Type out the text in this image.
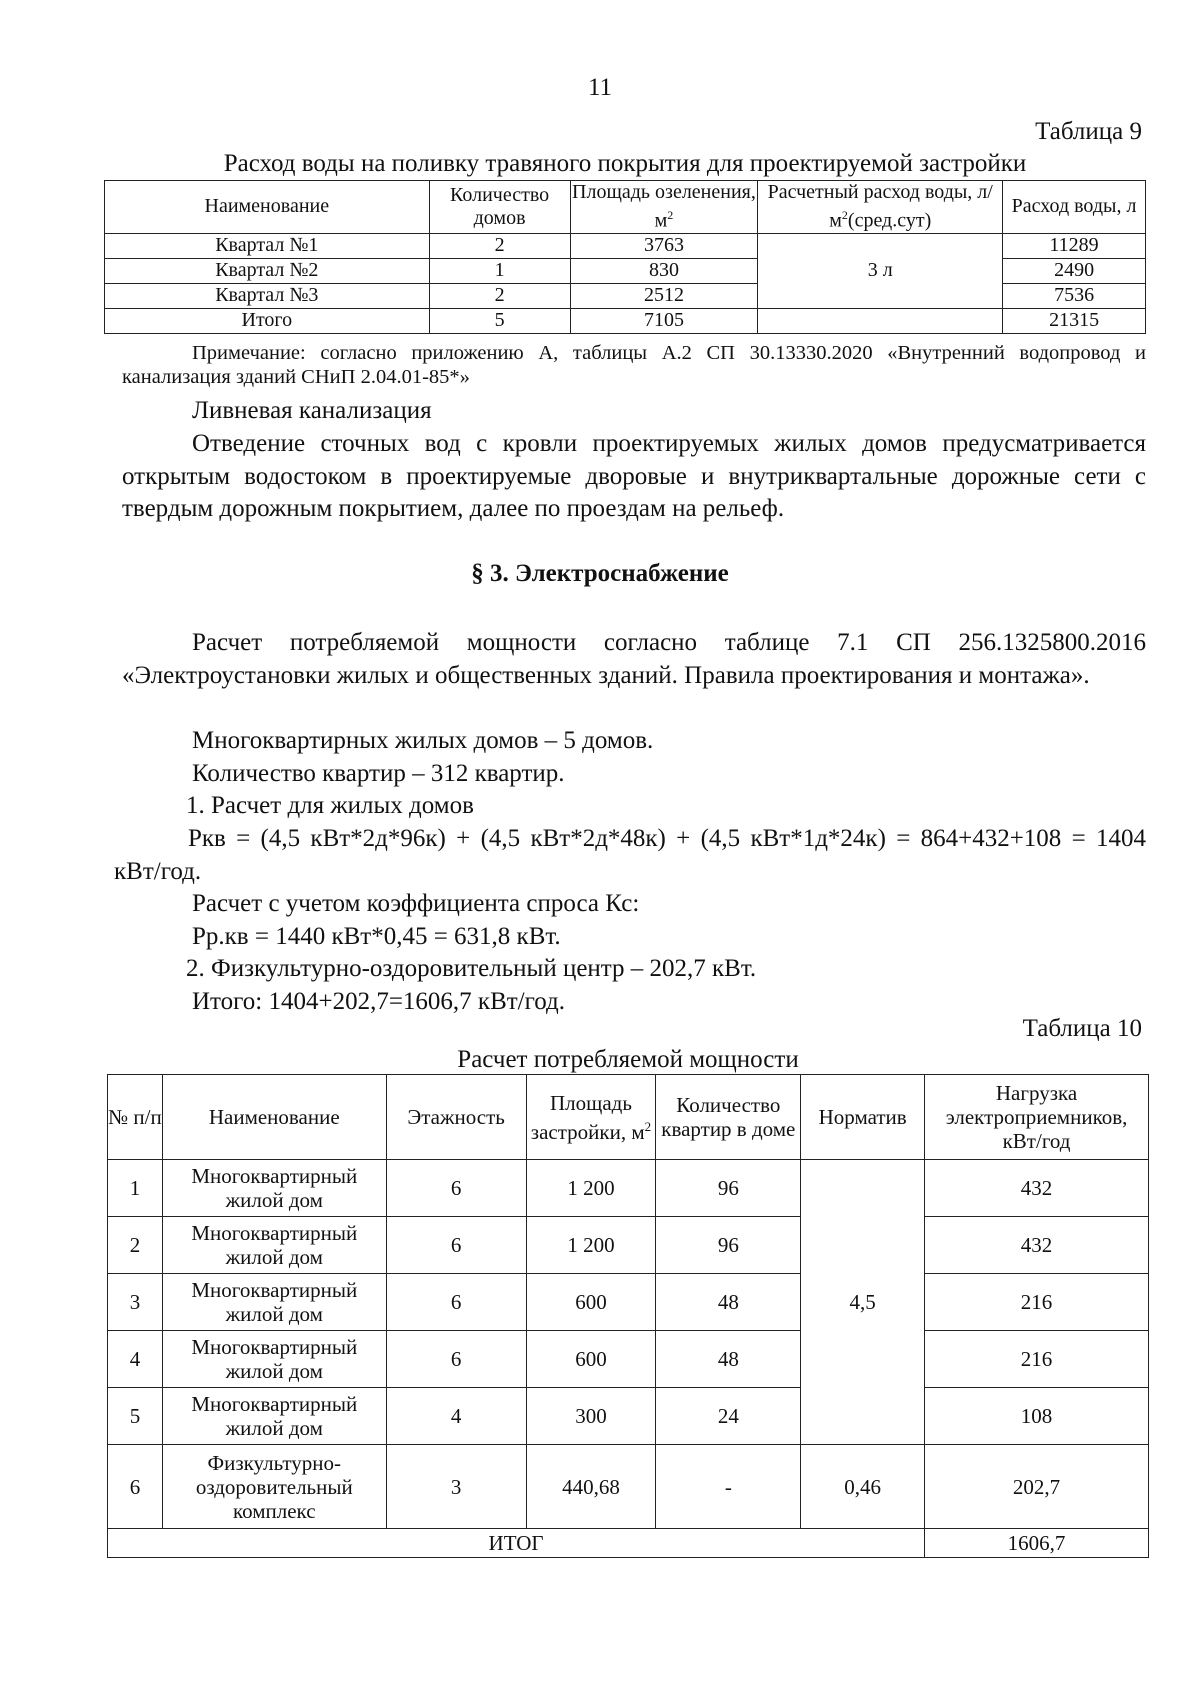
11
Таблица 9
Расход воды на поливку травяного покрытия для проектируемой застройки
Наименование	Количество домов	Площадь озеленения, $м^2$	Расчетный расход воды, $л/м^2(сред.сут)$	Расход воды, л
Квартал №1	2	3763	3 л	11289
Квартал №2	1	830		2490
Квартал №3	2	2512		7536
Итого	5	7105		21315
Примечание: согласно приложению А, таблицы А.2 СП 30.13330.2020 «Внутренний водопровод и канализация зданий СНиП 2.04.01-85*»
Ливневая канализация
Отведение сточных вод с кровли проектируемых жилых домов предусматривается открытым водостоком в проектируемые дворовые и внутриквартальные дорожные сети с твердым дорожным покрытием, далее по проездам на рельеф.
§ 3. Электроснабжение
Расчет потребляемой мощности согласно таблице 7.1 СП 256.1325800.2016 «Электроустановки жилых и общественных зданий. Правила проектирования и монтажа».
Многоквартирных жилых домов – 5 домов.
Количество квартир – 312 квартир.
1. Расчет для жилых домов
Ркв = (4,5 кВт*2д*96к) + (4,5 кВт*2д*48к) + (4,5 кВт*1д*24к) = 864+432+108 = 1404 кВт/год.
Расчет с учетом коэффициента спроса Кс:
Рр.кв = 1440 кВт*0,45 = 631,8 кВт.
2. Физкультурно-оздоровительный центр – 202,7 кВт.
Итого: 1404+202,7=1606,7 кВт/год.
Таблица 10
Расчет потребляемой мощности
№ п/п	Наименование	Этажность	Площадь застройки, $м^2$	Количество квартир в доме	Норматив	Нагрузка электроприемников, кВт/год
1	Многоквартирный жилой дом	6	1 200	96	4,5	432
2	Многоквартирный жилой дом	6	1 200	96		432
3	Многоквартирный жилой дом	6	600	48		216
4	Многоквартирный жилой дом	6	600	48		216
5	Многоквартирный жилой дом	4	300	24		108
6	Физкультурно-оздоровительный комплекс	3	440,68	-	0,46	202,7
ИТОГ						1606,7
